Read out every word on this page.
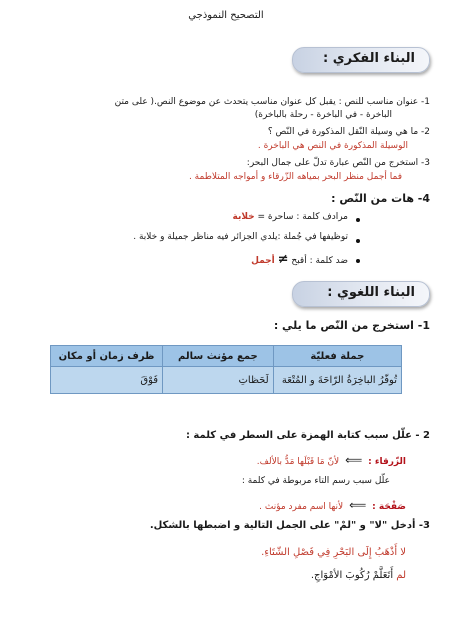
التصحيح النموذجي
البناء الفكري :
1- عنوان مناسب للنص : يقبل كل عنوان مناسب يتحدث عن موضوع النص.( على متن
الباخرة - في الباخرة - رحلة بالباخرة)
2- ما هي وسيلة النّقل المذكورة في النّص ؟
الوسيلة المذكورة في النص هي الباخرة .
3- استخرج من النّص عبارة تدلّ على جمال البحر:
فما أجمل منظر البحر بمياهه الزّرقاء و أمواجه المتلاطمة .
4- هات من النّص :
مرادف كلمة : ساحرة = خلابة
توظيفها في جُملة :يلدي الجزائر فيه مناظر جميلة و خلابة .
ضد كلمة : أقبح ≠ أجمل
البناء اللغوي :
1- استخرج من النّص ما يلي :
جملة فعليّة	جمع مؤنث سالم	ظرف زمان أو مكان
تُوفّرُ الباخِرَةُ الرّاحَةَ و المُتْعَة	لَحَظاتِ	فَوْقَ
2 - علّل سبب كتابة الهمزة على السطر في كلمة :
الزّرقاء : ⟸ لأنّ مَا قَبْلَها مَدُّ بالألف.
علّل سبب رسم التاء مربوطة في كلمة :
صَفْحَة : ⟸ لأنها اسم مفرد مؤنث .
3- أدخل "لا" و "لمْ" على الجمل التالية و اضبطها بالشكل.
لا أَذْهَبُ إِلَى البَحْرِ فِي فَصْلِ الشّتَاءِ.
لم أَتَعَلَّمْ رُكُوبَ الأمْوَاجِ.
